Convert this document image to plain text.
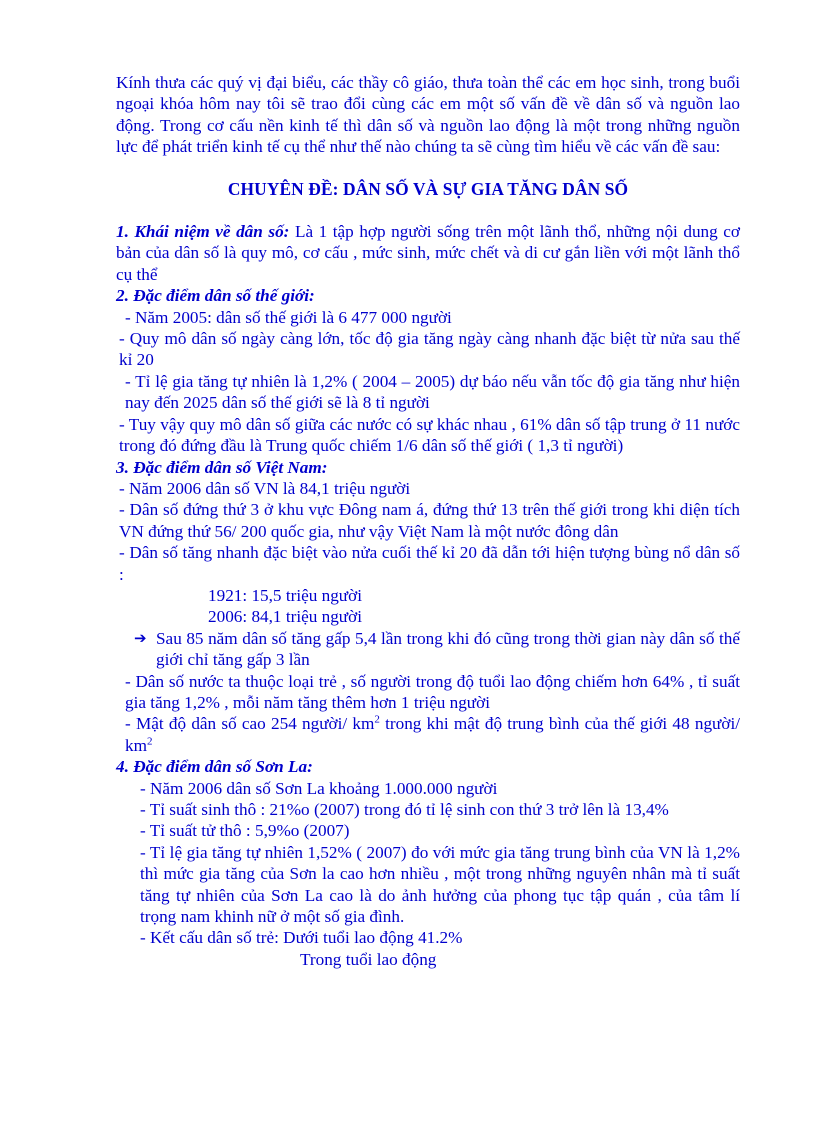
Kính thưa các quý vị đại biểu, các thầy cô giáo, thưa toàn thể các em học sinh, trong buổi ngoại khóa hôm nay tôi sẽ trao đổi cùng các em một số vấn đề về dân số và nguồn lao động. Trong cơ cấu nền kinh tế thì dân số và nguồn lao động là một trong những nguồn lực để phát triển kinh tế cụ thể như thế nào chúng ta sẽ cùng tìm hiểu về các vấn đề sau:

CHUYÊN ĐỀ: DÂN SỐ VÀ SỰ GIA TĂNG DÂN SỐ

1. Khái niệm về dân số: Là 1 tập hợp người sống trên một lãnh thổ, những nội dung cơ bản của dân số là quy mô, cơ cấu , mức sinh, mức chết và di cư gắn liền với một lãnh thổ cụ thể

2. Đặc điểm dân số thế giới:

- Năm 2005: dân số thế giới là 6 477 000 người

- Quy mô dân số ngày càng lớn, tốc độ gia tăng ngày càng nhanh đặc biệt từ nửa sau thế kỉ 20

- Tỉ lệ gia tăng tự nhiên là 1,2% ( 2004 – 2005) dự báo nếu vẫn tốc độ gia tăng như hiện nay đến 2025 dân số thế giới sẽ là 8 tỉ người

- Tuy vậy quy mô dân số giữa các nước có sự khác nhau , 61% dân số tập trung ở 11 nước trong đó đứng đầu là Trung quốc chiếm 1/6 dân số thế giới ( 1,3 tỉ người)

3. Đặc điểm dân số Việt Nam:

- Năm 2006 dân số VN là 84,1 triệu người

- Dân số đứng thứ 3 ở khu vực Đông nam á, đứng thứ 13 trên thế giới trong khi diện tích VN đứng thứ 56/ 200 quốc gia, như vậy Việt Nam là một nước đông dân

- Dân số tăng nhanh đặc biệt vào nửa cuối thế kỉ 20 đã dẫn tới hiện tượng bùng nổ dân số :

1921: 15,5 triệu người

2006: 84,1 triệu người

➔ Sau 85 năm dân số tăng gấp 5,4 lần trong khi đó cũng trong thời gian này dân số thế giới chỉ tăng gấp 3 lần

- Dân số nước ta thuộc loại trẻ , số người trong độ tuổi lao động chiếm hơn 64% , tỉ suất gia tăng 1,2% , mỗi năm tăng thêm hơn 1 triệu người

- Mật độ dân số cao 254 người/ $km^2$ trong khi mật độ trung bình của thế giới 48 người/ $km^2$

4. Đặc điểm dân số Sơn La:

- Năm 2006 dân số Sơn La khoảng 1.000.000 người

- Tỉ suất sinh thô : 21%o (2007) trong đó tỉ lệ sinh con thứ 3 trở lên là 13,4%

- Tỉ suất tử thô : 5,9%o (2007)

- Tỉ lệ gia tăng tự nhiên 1,52% ( 2007) đo với mức gia tăng trung bình của VN là 1,2% thì mức gia tăng của Sơn la cao hơn nhiều , một trong những nguyên nhân mà tỉ suất tăng tự nhiên của Sơn La cao là do ảnh hưởng của phong tục tập quán , của tâm lí trọng nam khinh nữ ở một số gia đình.

- Kết cấu dân số trẻ: Dưới tuổi lao động 41.2%

Trong tuổi lao động
